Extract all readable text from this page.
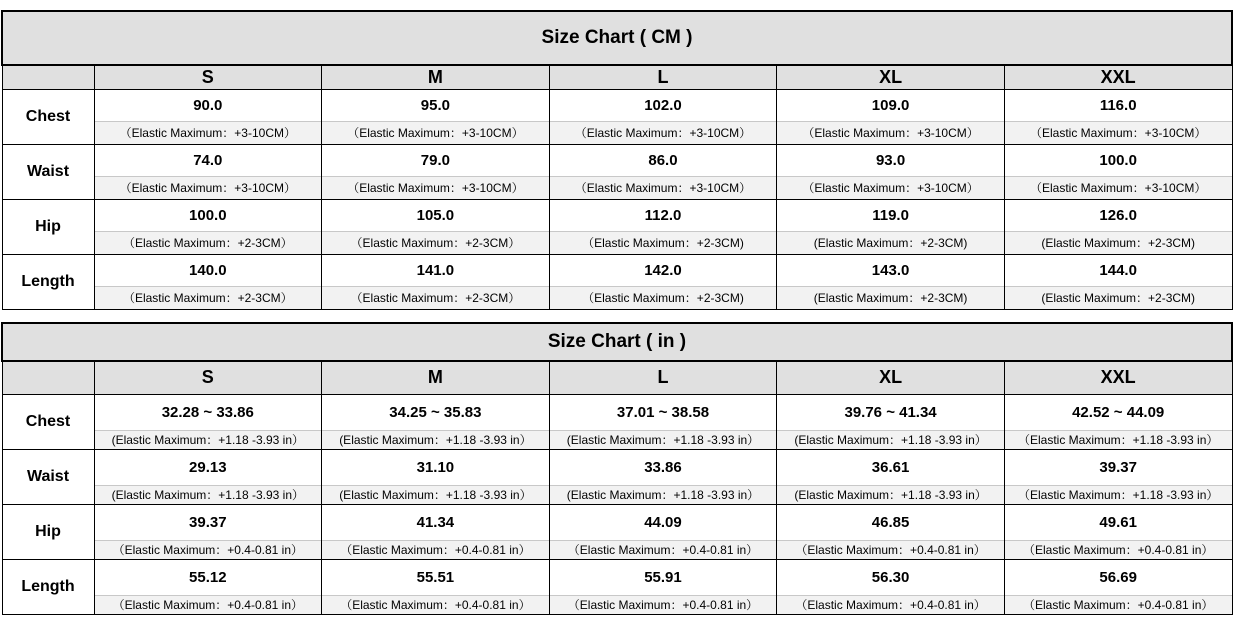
Size Chart ( CM )					
	S	M	L	XL	XXL
Chest	90.0	95.0	102.0	109.0	116.0
	（Elastic Maximum：+3-10CM）	（Elastic Maximum：+3-10CM）	（Elastic Maximum：+3-10CM）	（Elastic Maximum：+3-10CM）	（Elastic Maximum：+3-10CM）
Waist	74.0	79.0	86.0	93.0	100.0
	（Elastic Maximum：+3-10CM）	（Elastic Maximum：+3-10CM）	（Elastic Maximum：+3-10CM）	（Elastic Maximum：+3-10CM）	（Elastic Maximum：+3-10CM）
Hip	100.0	105.0	112.0	119.0	126.0
	（Elastic Maximum：+2-3CM）	（Elastic Maximum：+2-3CM）	（Elastic Maximum：+2-3CM)	(Elastic Maximum：+2-3CM)	(Elastic Maximum：+2-3CM)
Length	140.0	141.0	142.0	143.0	144.0
	（Elastic Maximum：+2-3CM）	（Elastic Maximum：+2-3CM）	（Elastic Maximum：+2-3CM)	(Elastic Maximum：+2-3CM)	(Elastic Maximum：+2-3CM)
Size Chart ( in )					
	S	M	L	XL	XXL
Chest	32.28 ~ 33.86	34.25 ~ 35.83	37.01 ~ 38.58	39.76 ~ 41.34	42.52 ~ 44.09
	(Elastic Maximum：+1.18 -3.93 in）	(Elastic Maximum：+1.18 -3.93 in）	(Elastic Maximum：+1.18 -3.93 in）	(Elastic Maximum：+1.18 -3.93 in）	（Elastic Maximum：+1.18 -3.93 in）
Waist	29.13	31.10	33.86	36.61	39.37
	(Elastic Maximum：+1.18 -3.93 in）	(Elastic Maximum：+1.18 -3.93 in）	(Elastic Maximum：+1.18 -3.93 in）	(Elastic Maximum：+1.18 -3.93 in）	（Elastic Maximum：+1.18 -3.93 in）
Hip	39.37	41.34	44.09	46.85	49.61
	（Elastic Maximum：+0.4-0.81 in）	（Elastic Maximum：+0.4-0.81 in）	（Elastic Maximum：+0.4-0.81 in）	（Elastic Maximum：+0.4-0.81 in）	（Elastic Maximum：+0.4-0.81 in）
Length	55.12	55.51	55.91	56.30	56.69
	（Elastic Maximum：+0.4-0.81 in）	（Elastic Maximum：+0.4-0.81 in）	（Elastic Maximum：+0.4-0.81 in）	（Elastic Maximum：+0.4-0.81 in）	（Elastic Maximum：+0.4-0.81 in）
